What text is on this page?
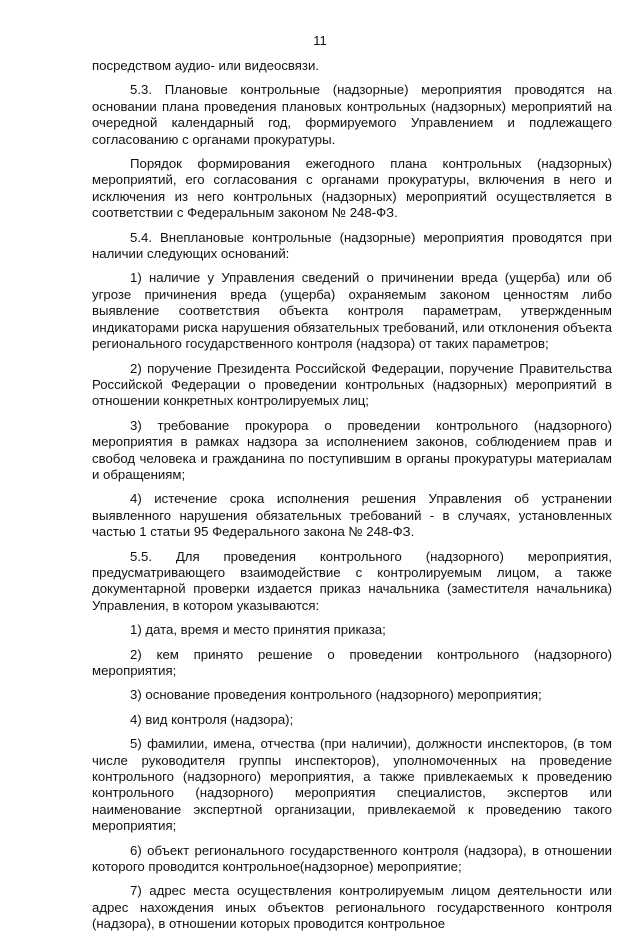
11

посредством аудио- или видеосвязи.

5.3. Плановые контрольные (надзорные) мероприятия проводятся на основании плана проведения плановых контрольных (надзорных) мероприятий на очередной календарный год, формируемого Управлением и подлежащего согласованию с органами прокуратуры.

Порядок формирования ежегодного плана контрольных (надзорных) мероприятий, его согласования с органами прокуратуры, включения в него и исключения из него контрольных (надзорных) мероприятий осуществляется в соответствии с Федеральным законом № 248-ФЗ.

5.4. Внеплановые контрольные (надзорные) мероприятия проводятся при наличии следующих оснований:

1) наличие у Управления сведений о причинении вреда (ущерба) или об угрозе причинения вреда (ущерба) охраняемым законом ценностям либо выявление соответствия объекта контроля параметрам, утвержденным индикаторами риска нарушения обязательных требований, или отклонения объекта регионального государственного контроля (надзора) от таких параметров;

2) поручение Президента Российской Федерации, поручение Правительства Российской Федерации о проведении контрольных (надзорных) мероприятий в отношении конкретных контролируемых лиц;

3) требование прокурора о проведении контрольного (надзорного) мероприятия в рамках надзора за исполнением законов, соблюдением прав и свобод человека и гражданина по поступившим в органы прокуратуры материалам и обращениям;

4) истечение срока исполнения решения Управления об устранении выявленного нарушения обязательных требований - в случаях, установленных частью 1 статьи 95 Федерального закона № 248-ФЗ.

5.5. Для проведения контрольного (надзорного) мероприятия, предусматривающего взаимодействие с контролируемым лицом, а также документарной проверки издается приказ начальника (заместителя начальника) Управления, в котором указываются:

1) дата, время и место принятия приказа;

2) кем принято решение о проведении контрольного (надзорного) мероприятия;

3) основание проведения контрольного (надзорного) мероприятия;

4) вид контроля (надзора);

5) фамилии, имена, отчества (при наличии), должности инспекторов, (в том числе руководителя группы инспекторов), уполномоченных на проведение контрольного (надзорного) мероприятия, а также привлекаемых к проведению контрольного (надзорного) мероприятия специалистов, экспертов или наименование экспертной организации, привлекаемой к проведению такого мероприятия;

6) объект регионального государственного контроля (надзора), в отношении которого проводится контрольное(надзорное) мероприятие;

7) адрес места осуществления контролируемым лицом деятельности или адрес нахождения иных объектов регионального государственного контроля (надзора), в отношении которых проводится контрольное
